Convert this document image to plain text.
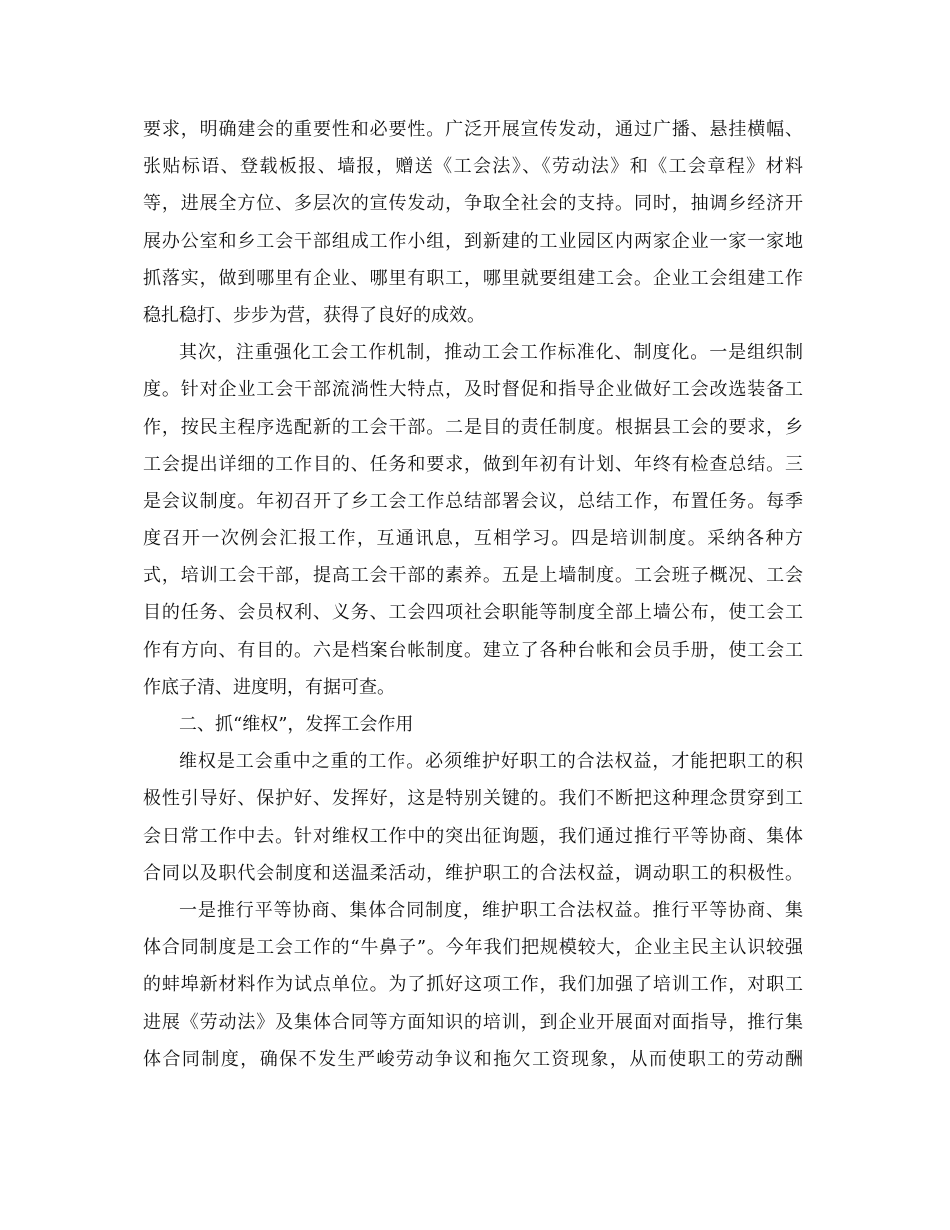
要求，明确建会的重要性和必要性。广泛开展宣传发动，通过广播、悬挂横幅、
张贴标语、登载板报、墙报，赠送《工会法》、《劳动法》和《工会章程》材料
等，进展全方位、多层次的宣传发动，争取全社会的支持。同时，抽调乡经济开
展办公室和乡工会干部组成工作小组，到新建的工业园区内两家企业一家一家地
抓落实，做到哪里有企业、哪里有职工，哪里就要组建工会。企业工会组建工作
稳扎稳打、步步为营，获得了良好的成效。
其次，注重强化工会工作机制，推动工会工作标准化、制度化。一是组织制
度。针对企业工会干部流淌性大特点，及时督促和指导企业做好工会改选装备工
作，按民主程序选配新的工会干部。二是目的责任制度。根据县工会的要求，乡
工会提出详细的工作目的、任务和要求，做到年初有计划、年终有检查总结。三
是会议制度。年初召开了乡工会工作总结部署会议，总结工作，布置任务。每季
度召开一次例会汇报工作，互通讯息，互相学习。四是培训制度。采纳各种方
式，培训工会干部，提高工会干部的素养。五是上墙制度。工会班子概况、工会
目的任务、会员权利、义务、工会四项社会职能等制度全部上墙公布，使工会工
作有方向、有目的。六是档案台帐制度。建立了各种台帐和会员手册，使工会工
作底子清、进度明，有据可查。
二、抓“维权”，发挥工会作用
维权是工会重中之重的工作。必须维护好职工的合法权益，才能把职工的积
极性引导好、保护好、发挥好，这是特别关键的。我们不断把这种理念贯穿到工
会日常工作中去。针对维权工作中的突出征询题，我们通过推行平等协商、集体
合同以及职代会制度和送温柔活动，维护职工的合法权益，调动职工的积极性。
一是推行平等协商、集体合同制度，维护职工合法权益。推行平等协商、集
体合同制度是工会工作的“牛鼻子”。今年我们把规模较大，企业主民主认识较强
的蚌埠新材料作为试点单位。为了抓好这项工作，我们加强了培训工作，对职工
进展《劳动法》及集体合同等方面知识的培训，到企业开展面对面指导，推行集
体合同制度，确保不发生严峻劳动争议和拖欠工资现象，从而使职工的劳动酬
